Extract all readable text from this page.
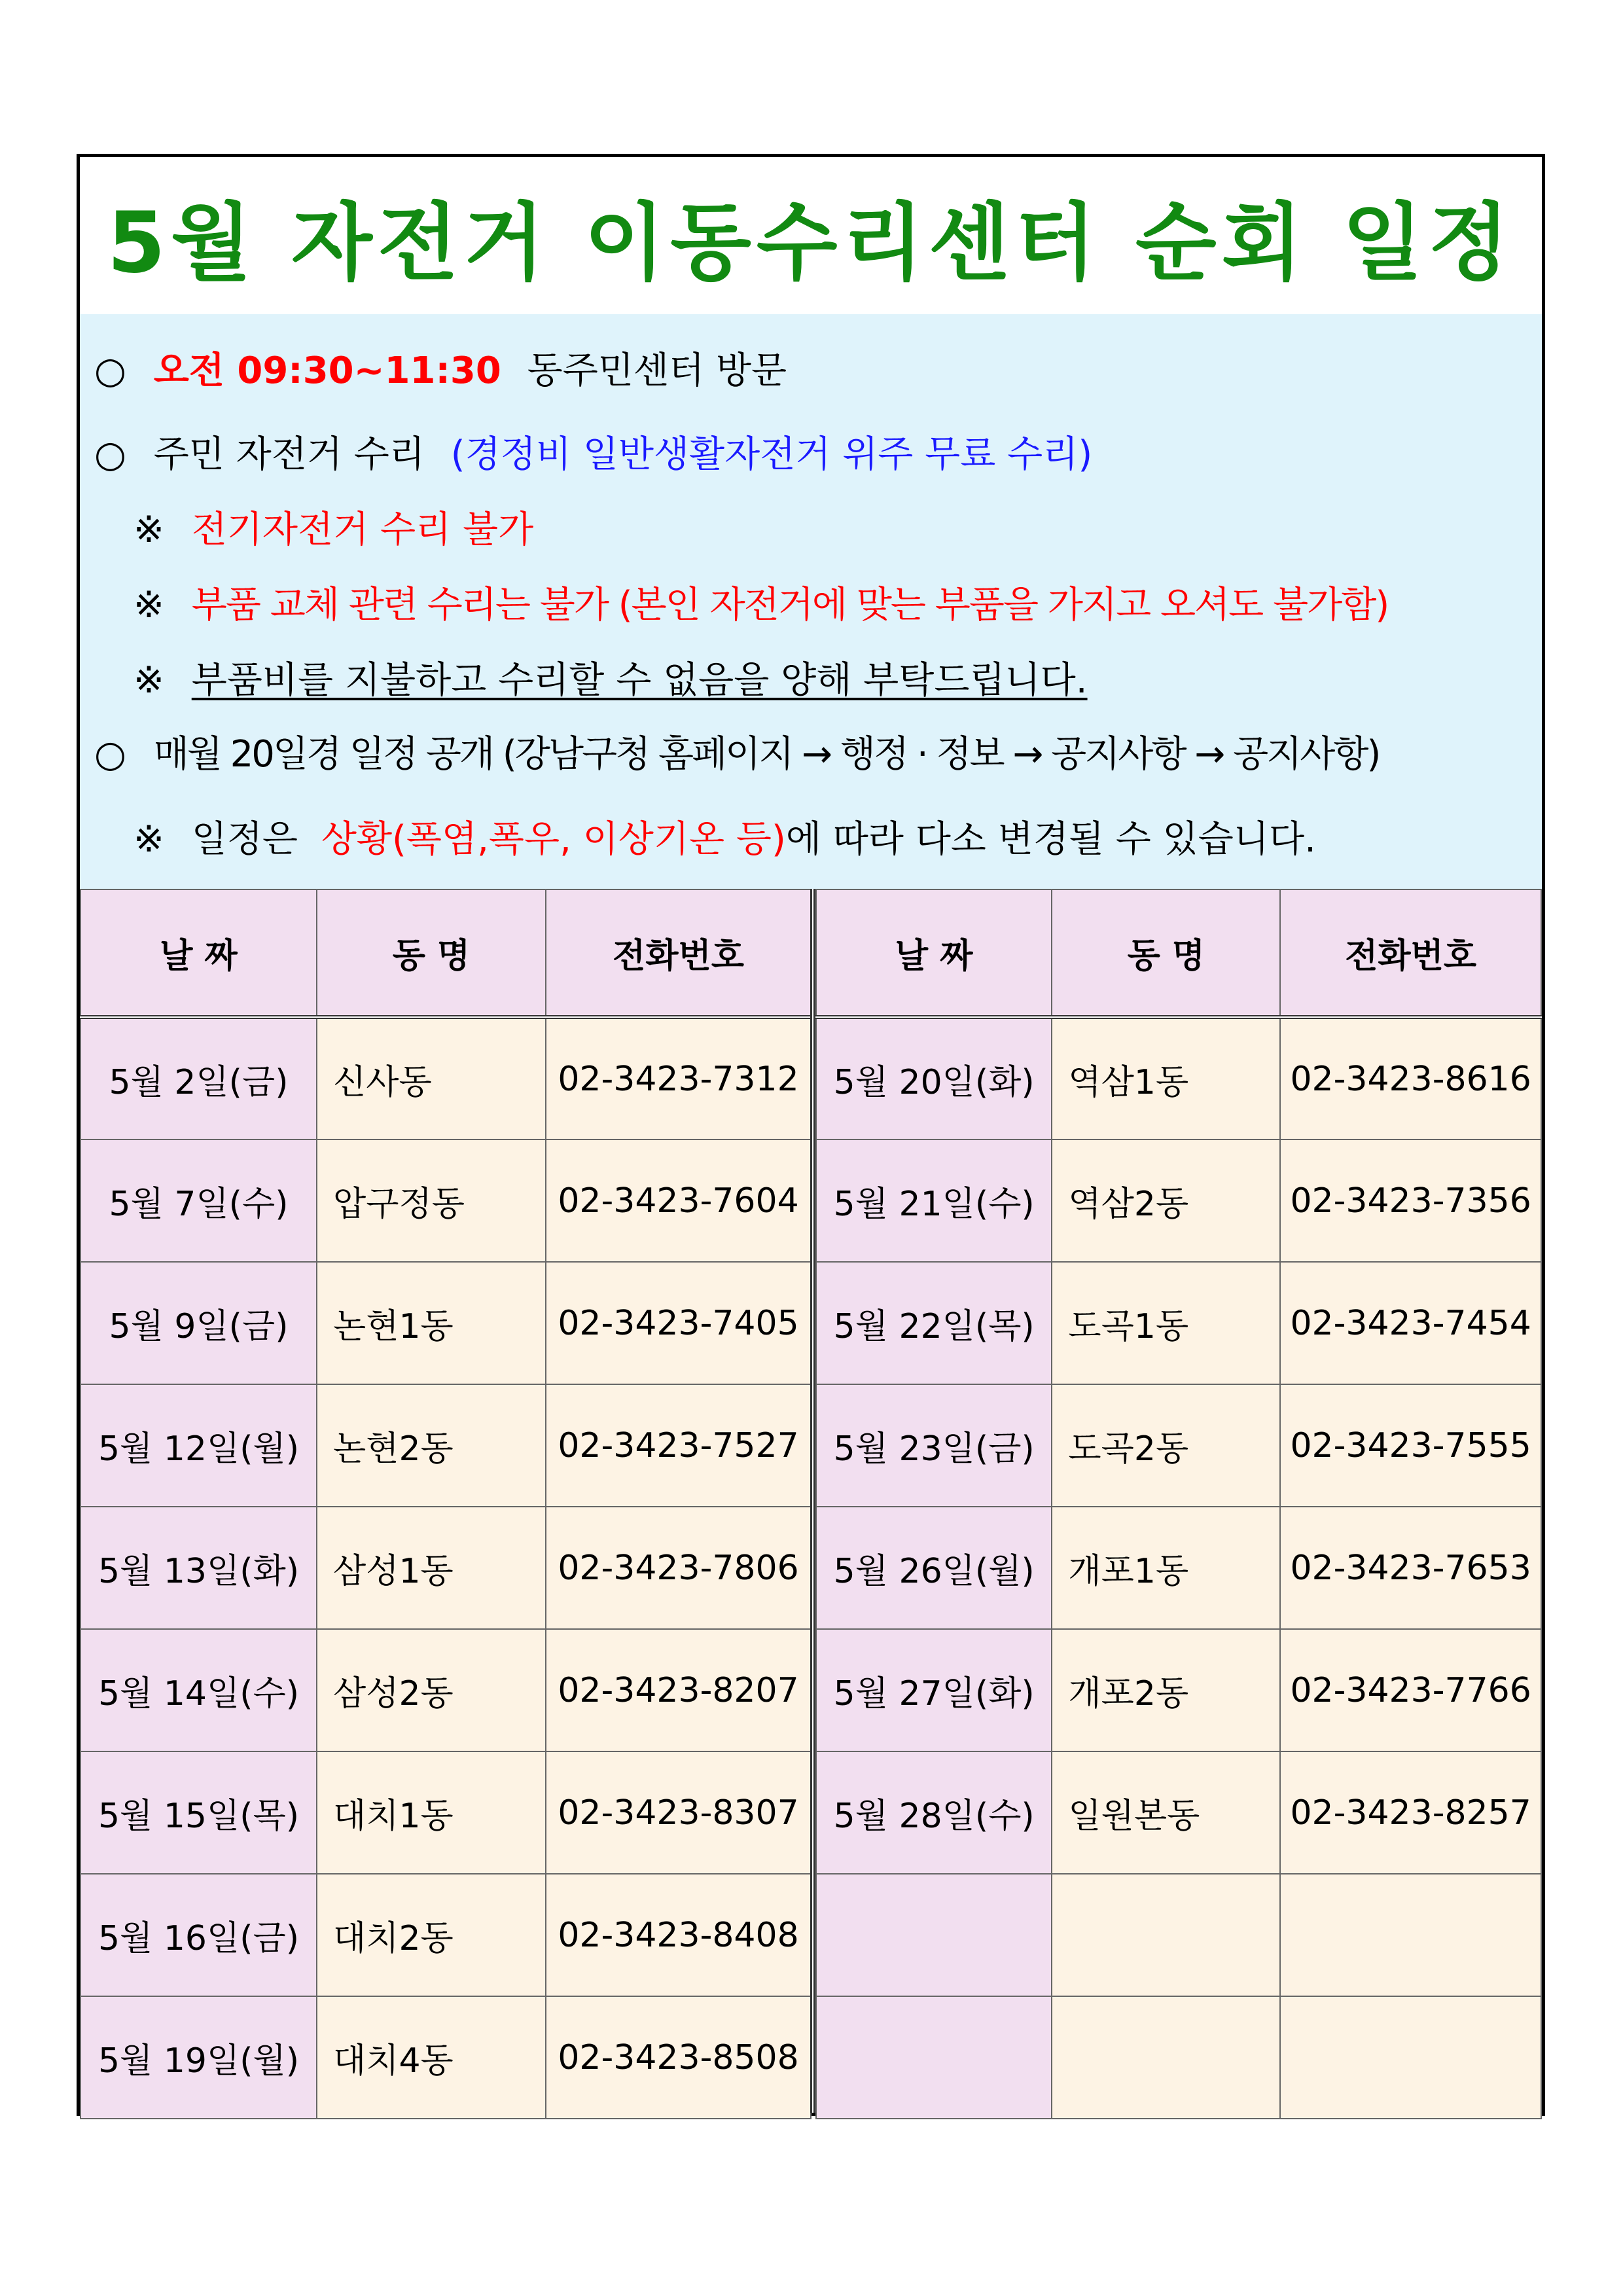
5월 자전거 이동수리센터 순회 일정
○ 오전 09:30~11:30 동주민센터 방문
○ 주민 자전거 수리 (경정비 일반생활자전거 위주 무료 수리)
※ 전기자전거 수리 불가
※ 부품 교체 관련 수리는 불가 (본인 자전거에 맞는 부품을 가지고 오셔도 불가함)
※ 부품비를 지불하고 수리할 수 없음을 양해 부탁드립니다.
○ 매월 20일경 일정 공개 (강남구청 홈페이지 → 행정 · 정보 → 공지사항 → 공지사항)
※ 일정은 상황(폭염,폭우, 이상기온 등)에 따라 다소 변경될 수 있습니다.
날 짜	동 명	전화번호
5월 2일(금)	신사동	02-3423-7312
5월 7일(수)	압구정동	02-3423-7604
5월 9일(금)	논현1동	02-3423-7405
5월 12일(월)	논현2동	02-3423-7527
5월 13일(화)	삼성1동	02-3423-7806
5월 14일(수)	삼성2동	02-3423-8207
5월 15일(목)	대치1동	02-3423-8307
5월 16일(금)	대치2동	02-3423-8408
5월 19일(월)	대치4동	02-3423-8508
날 짜	동 명	전화번호
5월 20일(화)	역삼1동	02-3423-8616
5월 21일(수)	역삼2동	02-3423-7356
5월 22일(목)	도곡1동	02-3423-7454
5월 23일(금)	도곡2동	02-3423-7555
5월 26일(월)	개포1동	02-3423-7653
5월 27일(화)	개포2동	02-3423-7766
5월 28일(수)	일원본동	02-3423-8257
